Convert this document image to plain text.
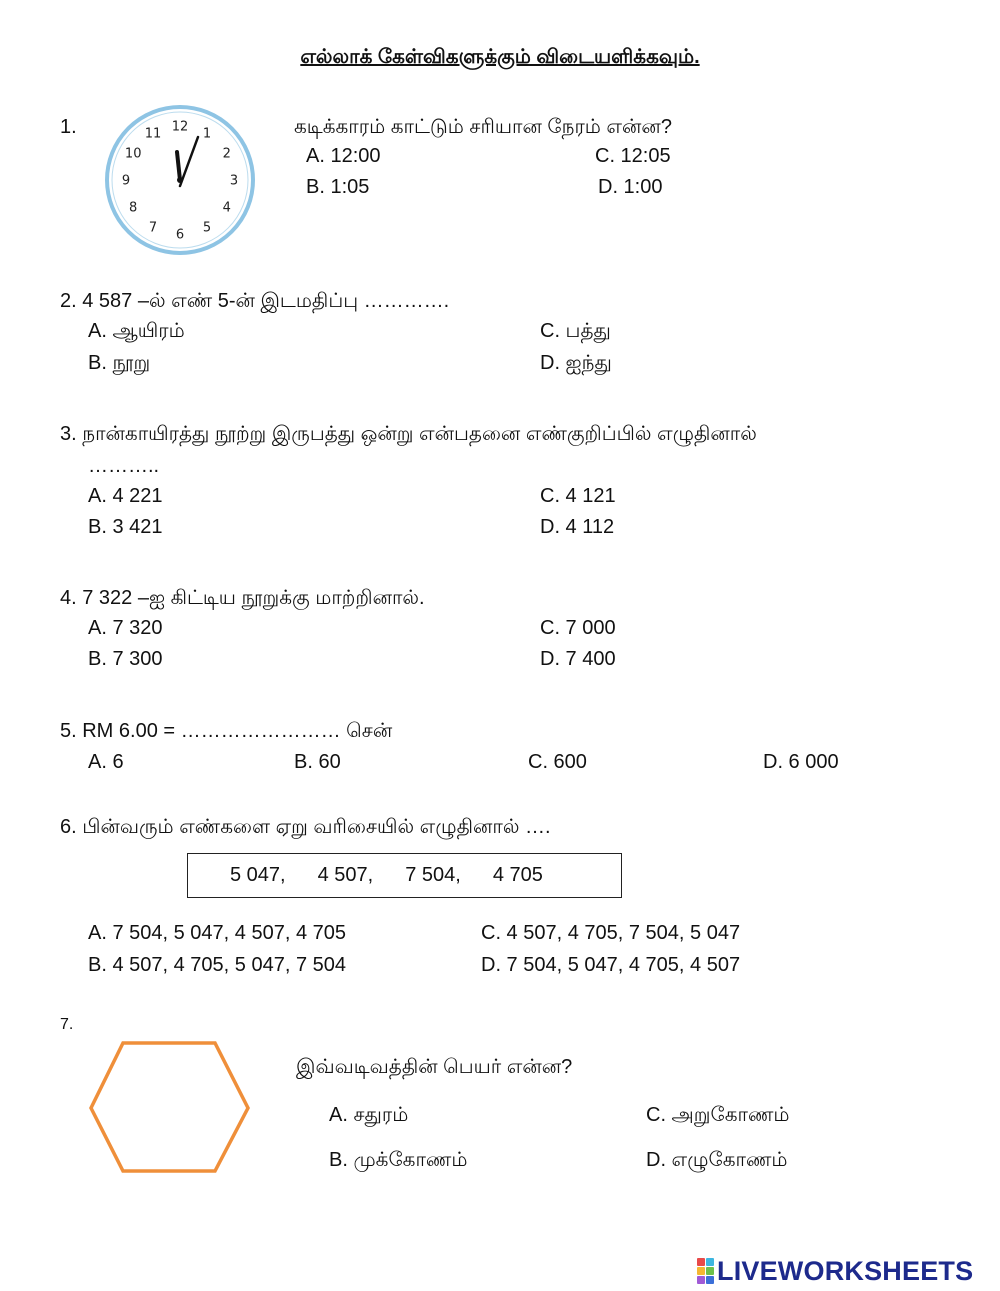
எல்லாக் கேள்விகளுக்கும் விடையளிக்கவும்.
1.	12 1
2
3
4
5
6
7
8
9
10
11	கடிக்காரம் காட்டும் சரியான நேரம் என்ன?
A. 12:00
B. 1:05
C. 12:05
D. 1:00
2. 4 587 –ல் எண் 5-ன் இடமதிப்பு ………….
A. ஆயிரம்
B. நூறு
C. பத்து
D. ஐந்து
3. நான்காயிரத்து நூற்று இருபத்து ஒன்று என்பதனை எண்குறிப்பில் எழுதினால்
………..
A. 4 221
B. 3 421
C. 4 121
D. 4 112
4. 7 322 –ஐ கிட்டிய நூறுக்கு மாற்றினால்.
A. 7 320
B. 7 300
C. 7 000
D. 7 400
5. RM 6.00 = …………………… சென்
A. 6	B. 60	C. 600	D. 6 000
6. பின்வரும் எண்களை ஏறு வரிசையில் எழுதினால் ….
5 047, 4 507, 7 504, 4 705
A. 7 504, 5 047, 4 507, 4 705
B. 4 507, 4 705, 5 047, 7 504
C. 4 507, 4 705, 7 504, 5 047
D. 7 504, 5 047, 4 705, 4 507
7.
இவ்வடிவத்தின் பெயர் என்ன?
A. சதுரம்
B. முக்கோணம்
C. அறுகோணம்
D. எழுகோணம்
LIVEWORKSHEETS
